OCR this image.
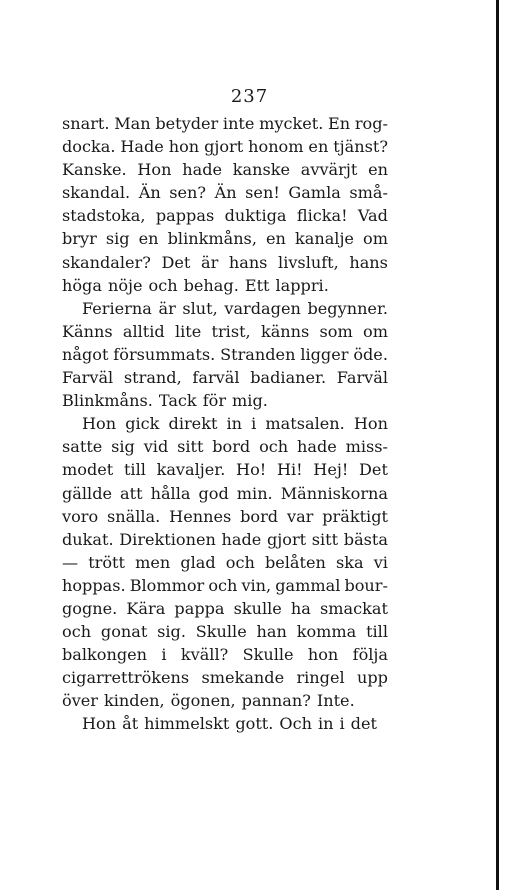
237
snart. Man betyder inte mycket. En rog-
docka. Hade hon gjort honom en tjänst?
Kanske. Hon hade kanske avvärjt en
skandal. Än sen? Än sen! Gamla små-
stadstoka, pappas duktiga flicka! Vad
bryr sig en blinkmåns, en kanalje om
skandaler? Det är hans livsluft, hans
höga nöje och behag. Ett lappri.
Ferierna är slut, vardagen begynner.
Känns alltid lite trist, känns som om
något försummats. Stranden ligger öde.
Farväl strand, farväl badianer. Farväl
Blinkmåns. Tack för mig.
Hon gick direkt in i matsalen. Hon
satte sig vid sitt bord och hade miss-
modet till kavaljer. Ho! Hi! Hej! Det
gällde att hålla god min. Människorna
voro snälla. Hennes bord var präktigt
dukat. Direktionen hade gjort sitt bästa
— trött men glad och belåten ska vi
hoppas. Blommor och vin, gammal bour-
gogne. Kära pappa skulle ha smackat
och gonat sig. Skulle han komma till
balkongen i kväll? Skulle hon följa
cigarrettrökens smekande ringel upp
över kinden, ögonen, pannan? Inte.
Hon åt himmelskt gott. Och in i det
